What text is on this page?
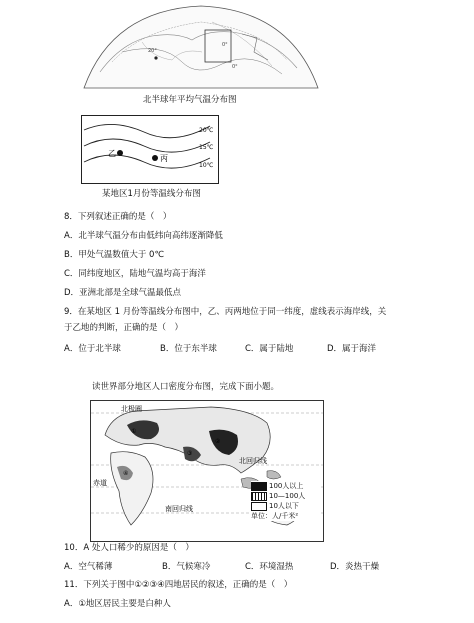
0°
0°
20°
北半球年平均气温分布图
乙
丙
20℃
15℃
10℃
某地区1月份等温线分布图
8．下列叙述正确的是（　）
A．北半球气温分布由低纬向高纬逐渐降低
B．甲处气温数值大于 0℃
C．同纬度地区，陆地气温均高于海洋
D．亚洲北部是全球气温最低点
9．在某地区 1 月份等温线分布图中，乙、丙两地位于同一纬度，虚线表示海岸线，关
于乙地的判断，正确的是（　）
A．位于北半球	B．位于东半球	C．属于陆地	D．属于海洋
读世界部分地区人口密度分布图，完成下面小题。
北极圈
北回归线
赤道
南回归线
①
②
③
④
100人以上
10—100人
10人以下
单位：人/千米²
10．A 处人口稀少的原因是（　）
A．空气稀薄	B．气候寒冷	C．环境湿热	D．炎热干燥
11．下列关于图中①②③④四地居民的叙述，正确的是（　）
A．①地区居民主要是白种人
